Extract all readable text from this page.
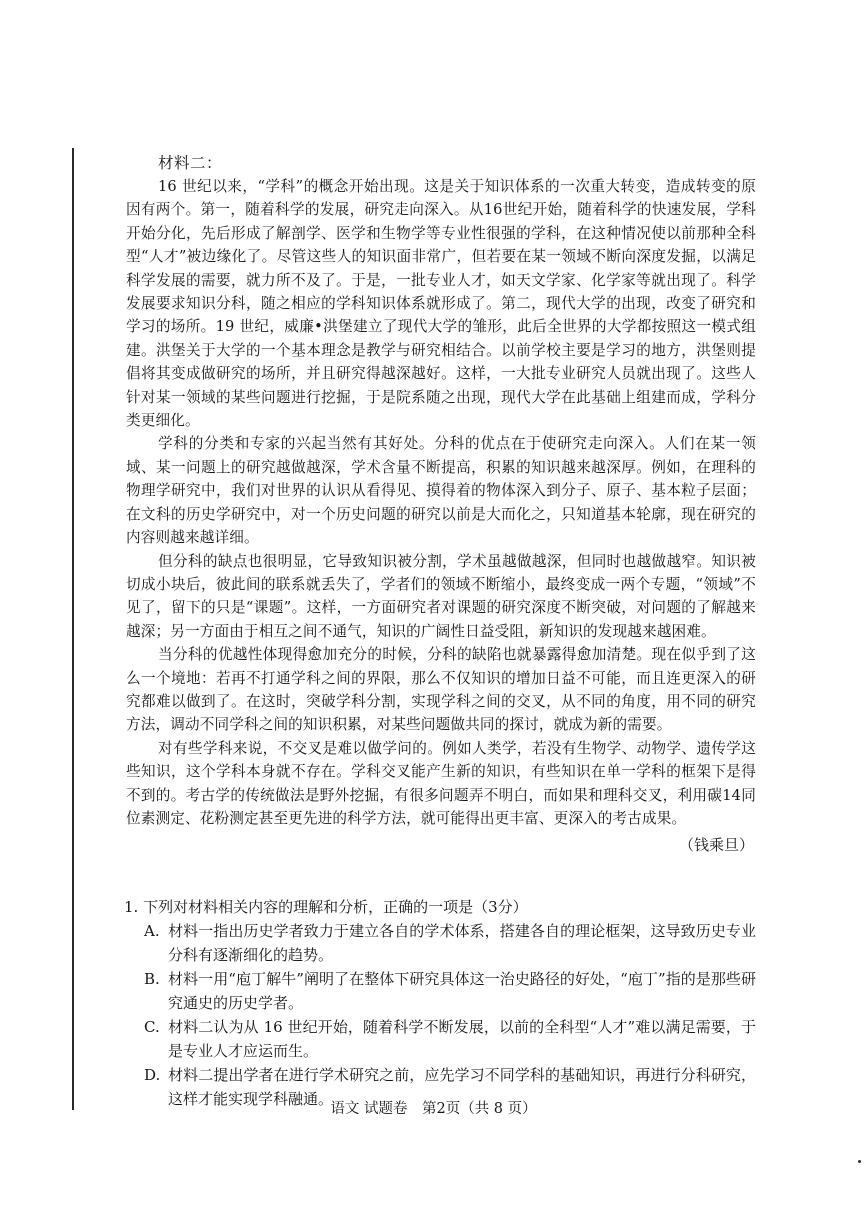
材料二：

16 世纪以来，“学科”的概念开始出现。这是关于知识体系的一次重大转变，造成转变的原因有两个。第一，随着科学的发展，研究走向深入。从16世纪开始，随着科学的快速发展，学科开始分化，先后形成了解剖学、医学和生物学等专业性很强的学科，在这种情况使以前那种全科型“人才”被边缘化了。尽管这些人的知识面非常广，但若要在某一领域不断向深度发掘，以满足科学发展的需要，就力所不及了。于是，一批专业人才，如天文学家、化学家等就出现了。科学发展要求知识分科，随之相应的学科知识体系就形成了。第二，现代大学的出现，改变了研究和学习的场所。19 世纪，威廉•洪堡建立了现代大学的雏形，此后全世界的大学都按照这一模式组建。洪堡关于大学的一个基本理念是教学与研究相结合。以前学校主要是学习的地方，洪堡则提倡将其变成做研究的场所，并且研究得越深越好。这样，一大批专业研究人员就出现了。这些人针对某一领域的某些问题进行挖掘，于是院系随之出现，现代大学在此基础上组建而成，学科分类更细化。

学科的分类和专家的兴起当然有其好处。分科的优点在于使研究走向深入。人们在某一领域、某一问题上的研究越做越深，学术含量不断提高，积累的知识越来越深厚。例如，在理科的物理学研究中，我们对世界的认识从看得见、摸得着的物体深入到分子、原子、基本粒子层面；在文科的历史学研究中，对一个历史问题的研究以前是大而化之，只知道基本轮廓，现在研究的内容则越来越详细。

但分科的缺点也很明显，它导致知识被分割，学术虽越做越深，但同时也越做越窄。知识被切成小块后，彼此间的联系就丢失了，学者们的领域不断缩小，最终变成一两个专题，“领域”不见了，留下的只是“课题”。这样，一方面研究者对课题的研究深度不断突破，对问题的了解越来越深；另一方面由于相互之间不通气，知识的广阔性日益受阻，新知识的发现越来越困难。

当分科的优越性体现得愈加充分的时候，分科的缺陷也就暴露得愈加清楚。现在似乎到了这么一个境地：若再不打通学科之间的界限，那么不仅知识的增加日益不可能，而且连更深入的研究都难以做到了。在这时，突破学科分割，实现学科之间的交叉，从不同的角度，用不同的研究方法，调动不同学科之间的知识积累，对某些问题做共同的探讨，就成为新的需要。

对有些学科来说，不交叉是难以做学问的。例如人类学，若没有生物学、动物学、遗传学这些知识，这个学科本身就不存在。学科交叉能产生新的知识，有些知识在单一学科的框架下是得不到的。考古学的传统做法是野外挖掘，有很多问题弄不明白，而如果和理科交叉，利用碳14同位素测定、花粉测定甚至更先进的科学方法，就可能得出更丰富、更深入的考古成果。

（钱乘旦）

1. 下列对材料相关内容的理解和分析，正确的一项是（3分）

A. 材料一指出历史学者致力于建立各自的学术体系，搭建各自的理论框架，这导致历史专业分科有逐渐细化的趋势。

B. 材料一用“庖丁解牛”阐明了在整体下研究具体这一治史路径的好处，“庖丁”指的是那些研究通史的历史学者。

C. 材料二认为从 16 世纪开始，随着科学不断发展，以前的全科型“人才”难以满足需要，于是专业人才应运而生。

D. 材料二提出学者在进行学术研究之前，应先学习不同学科的基础知识，再进行分科研究，这样才能实现学科融通。

语文 试题卷　第2页（共 8 页）
